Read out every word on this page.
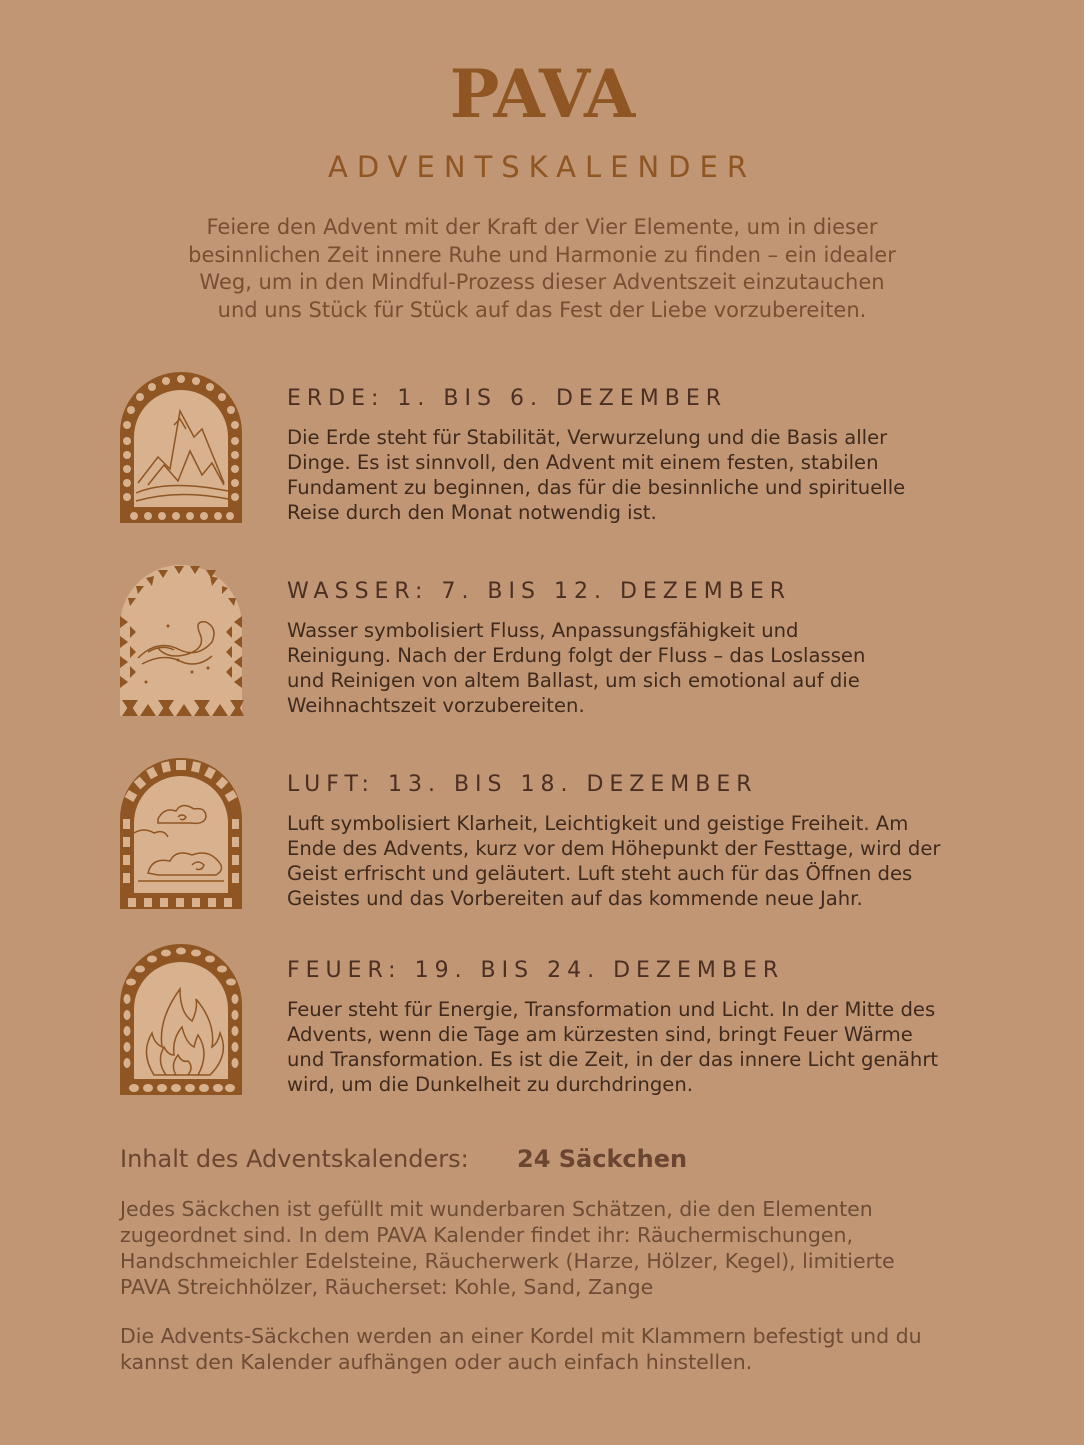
PAVA
ADVENTSKALENDER
Feiere den Advent mit der Kraft der Vier Elemente, um in dieser
besinnlichen Zeit innere Ruhe und Harmonie zu finden – ein idealer
Weg, um in den Mindful-Prozess dieser Adventszeit einzutauchen
und uns Stück für Stück auf das Fest der Liebe vorzubereiten.
ERDE: 1. BIS 6. DEZEMBER
Die Erde steht für Stabilität, Verwurzelung und die Basis aller
Dinge. Es ist sinnvoll, den Advent mit einem festen, stabilen
Fundament zu beginnen, das für die besinnliche und spirituelle
Reise durch den Monat notwendig ist.
WASSER: 7. BIS 12. DEZEMBER
Wasser symbolisiert Fluss, Anpassungsfähigkeit und
Reinigung. Nach der Erdung folgt der Fluss – das Loslassen
und Reinigen von altem Ballast, um sich emotional auf die
Weihnachtszeit vorzubereiten.
LUFT: 13. BIS 18. DEZEMBER
Luft symbolisiert Klarheit, Leichtigkeit und geistige Freiheit. Am
Ende des Advents, kurz vor dem Höhepunkt der Festtage, wird der
Geist erfrischt und geläutert. Luft steht auch für das Öffnen des
Geistes und das Vorbereiten auf das kommende neue Jahr.
FEUER: 19. BIS 24. DEZEMBER
Feuer steht für Energie, Transformation und Licht. In der Mitte des
Advents, wenn die Tage am kürzesten sind, bringt Feuer Wärme
und Transformation. Es ist die Zeit, in der das innere Licht genährt
wird, um die Dunkelheit zu durchdringen.
Inhalt des Adventskalenders: 24 Säckchen
Jedes Säckchen ist gefüllt mit wunderbaren Schätzen, die den Elementen
zugeordnet sind. In dem PAVA Kalender findet ihr: Räuchermischungen,
Handschmeichler Edelsteine, Räucherwerk (Harze, Hölzer, Kegel), limitierte
PAVA Streichhölzer, Räucherset: Kohle, Sand, Zange
Die Advents-Säckchen werden an einer Kordel mit Klammern befestigt und du
kannst den Kalender aufhängen oder auch einfach hinstellen.
